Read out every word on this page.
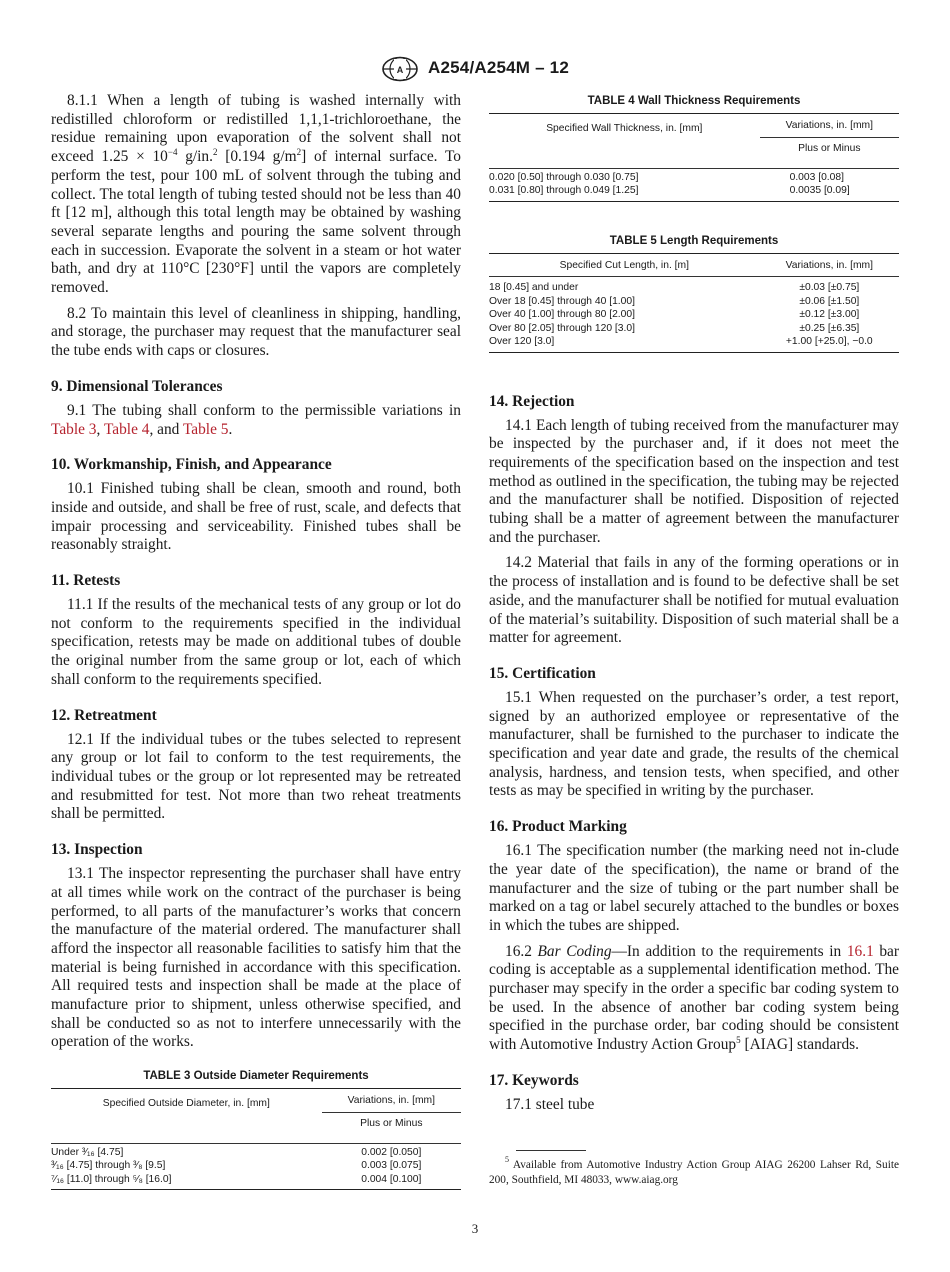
A A254/A254M – 12

8.1.1 When a length of tubing is washed internally with redistilled chloroform or redistilled 1,1,1-trichloroethane, the residue remaining upon evaporation of the solvent shall not exceed $1.25 \times 10^{-4}$ g/in.$^2$ [0.194 $g/m^2$] of internal surface. To perform the test, pour 100 mL of solvent through the tubing and collect. The total length of tubing tested should not be less than 40 ft [12 m], although this total length may be obtained by washing several separate lengths and pouring the same solvent through each in succession. Evaporate the solvent in a steam or hot water bath, and dry at 110°C [230°F] until the vapors are completely removed.

8.2 To maintain this level of cleanliness in shipping, handling, and storage, the purchaser may request that the manufacturer seal the tube ends with caps or closures.

9. Dimensional Tolerances

9.1 The tubing shall conform to the permissible variations in Table 3, Table 4, and Table 5.

10. Workmanship, Finish, and Appearance

10.1 Finished tubing shall be clean, smooth and round, both inside and outside, and shall be free of rust, scale, and defects that impair processing and serviceability. Finished tubes shall be reasonably straight.

11. Retests

11.1 If the results of the mechanical tests of any group or lot do not conform to the requirements specified in the individual specification, retests may be made on additional tubes of double the original number from the same group or lot, each of which shall conform to the requirements specified.

12. Retreatment

12.1 If the individual tubes or the tubes selected to represent any group or lot fail to conform to the test requirements, the individual tubes or the group or lot represented may be retreated and resubmitted for test. Not more than two reheat treatments shall be permitted.

13. Inspection

13.1 The inspector representing the purchaser shall have entry at all times while work on the contract of the purchaser is being performed, to all parts of the manufacturer’s works that concern the manufacture of the material ordered. The manufacturer shall afford the inspector all reasonable facilities to satisfy him that the material is being furnished in accordance with this specification. All required tests and inspection shall be made at the place of manufacture prior to shipment, unless otherwise specified, and shall be conducted so as not to interfere unnecessarily with the operation of the works.

TABLE 3 Outside Diameter Requirements
Specified Outside Diameter, in. [mm]	Variations, in. [mm]

	Plus or Minus
Under ³⁄₁₆ [4.75]	0.002 [0.050]
³⁄₁₆ [4.75] through ³⁄₈ [9.5]	0.003 [0.075]
⁷⁄₁₆ [11.0] through ⁵⁄₈ [16.0]	0.004 [0.100]
TABLE 4 Wall Thickness Requirements
Specified Wall Thickness, in. [mm]	Variations, in. [mm]

	Plus or Minus
0.020 [0.50] through 0.030 [0.75]	0.003 [0.08]
0.031 [0.80] through 0.049 [1.25]	0.0035 [0.09]
TABLE 5 Length Requirements
Specified Cut Length, in. [m]	Variations, in. [mm]
18 [0.45] and under	±0.03 [±0.75]
Over 18 [0.45] through 40 [1.00]	±0.06 [±1.50]
Over 40 [1.00] through 80 [2.00]	±0.12 [±3.00]
Over 80 [2.05] through 120 [3.0]	±0.25 [±6.35]
Over 120 [3.0]	+1.00 [+25.0], −0.0
14. Rejection

14.1 Each length of tubing received from the manufacturer may be inspected by the purchaser and, if it does not meet the requirements of the specification based on the inspection and test method as outlined in the specification, the tubing may be rejected and the manufacturer shall be notified. Disposition of rejected tubing shall be a matter of agreement between the manufacturer and the purchaser.

14.2 Material that fails in any of the forming operations or in the process of installation and is found to be defective shall be set aside, and the manufacturer shall be notified for mutual evaluation of the material’s suitability. Disposition of such material shall be a matter for agreement.

15. Certification

15.1 When requested on the purchaser’s order, a test report, signed by an authorized employee or representative of the manufacturer, shall be furnished to the purchaser to indicate the specification and year date and grade, the results of the chemical analysis, hardness, and tension tests, when specified, and other tests as may be specified in writing by the purchaser.

16. Product Marking

16.1 The specification number (the marking need not in-clude the year date of the specification), the name or brand of the manufacturer and the size of tubing or the part number shall be marked on a tag or label securely attached to the bundles or boxes in which the tubes are shipped.

16.2 Bar Coding—In addition to the requirements in 16.1 bar coding is acceptable as a supplemental identification method. The purchaser may specify in the order a specific bar coding system to be used. In the absence of another bar coding system being specified in the purchase order, bar coding should be consistent with Automotive Industry Action Group$^5$ [AIAG] standards.

17. Keywords

17.1 steel tube

$^5$ Available from Automotive Industry Action Group AIAG 26200 Lahser Rd, Suite 200, Southfield, MI 48033, www.aiag.org
3
